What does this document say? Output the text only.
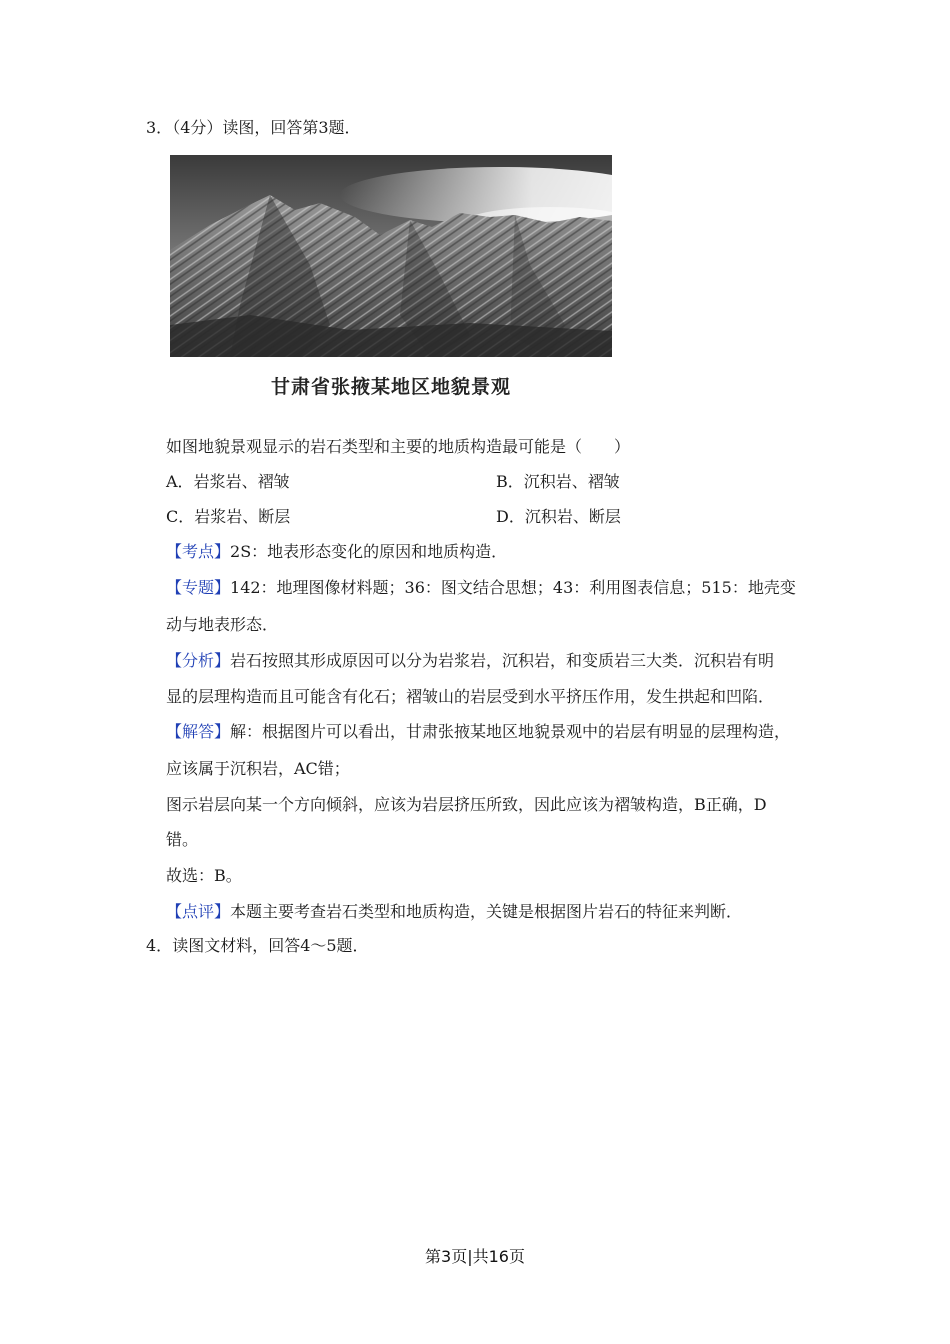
3．（4分）读图，回答第3题．
甘肃省张掖某地区地貌景观
如图地貌景观显示的岩石类型和主要的地质构造最可能是（　　）
A．岩浆岩、褶皱	B．沉积岩、褶皱
C．岩浆岩、断层	D．沉积岩、断层
【考点】2S：地表形态变化的原因和地质构造．
【专题】142：地理图像材料题；36：图文结合思想；43：利用图表信息；515：地壳变
动与地表形态．
【分析】岩石按照其形成原因可以分为岩浆岩，沉积岩，和变质岩三大类．沉积岩有明
显的层理构造而且可能含有化石；褶皱山的岩层受到水平挤压作用，发生拱起和凹陷．
【解答】解：根据图片可以看出，甘肃张掖某地区地貌景观中的岩层有明显的层理构造，
应该属于沉积岩，AC错；
图示岩层向某一个方向倾斜，应该为岩层挤压所致，因此应该为褶皱构造，B正确，D
错。
故选：B。
【点评】本题主要考查岩石类型和地质构造，关键是根据图片岩石的特征来判断．
4．读图文材料，回答4～5题．
第3页|共16页
